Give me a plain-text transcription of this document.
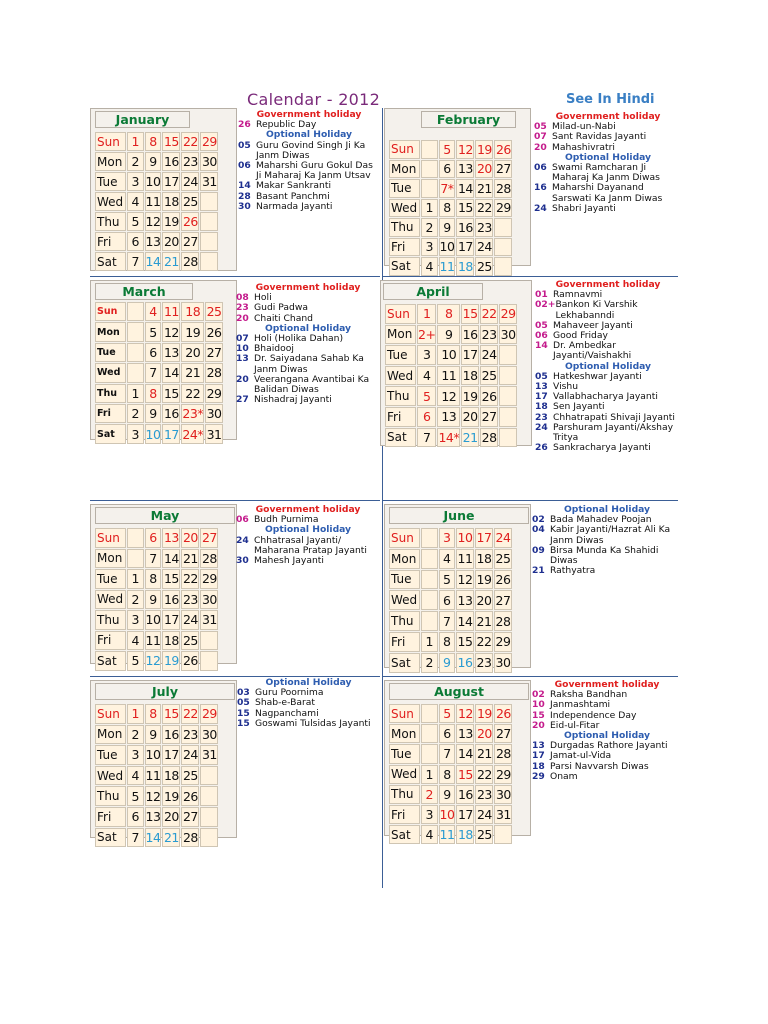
Calendar - 2012	See In Hindi
January
Sun	1	8	15	22	29
Mon	2	9	16	23	30
Tue	3	10	17	24	31
Wed	4	11	18	25	
Thu	5	12	19	26	
Fri	6	13	20	27	
Sat	7	14	21	28	
February
Sun		5	12	19	26
Mon		6	13	20	27
Tue		7*	14	21	28
Wed	1	8	15	22	29
Thu	2	9	16	23	
Fri	3	10	17	24	
Sat	4	11	18	25	
March
Sun		4	11	18	25
Mon		5	12	19	26
Tue		6	13	20	27
Wed		7	14	21	28
Thu	1	8	15	22	29
Fri	2	9	16	23*	30
Sat	3	10	17	24*	31
April
Sun	1	8	15	22	29
Mon	2+	9	16	23	30
Tue	3	10	17	24	
Wed	4	11	18	25	
Thu	5	12	19	26	
Fri	6	13	20	27	
Sat	7	14*	21	28	
May
Sun		6	13	20	27
Mon		7	14	21	28
Tue	1	8	15	22	29
Wed	2	9	16	23	30
Thu	3	10	17	24	31
Fri	4	11	18	25	
Sat	5	12	19	26	
June
Sun		3	10	17	24
Mon		4	11	18	25
Tue		5	12	19	26
Wed		6	13	20	27
Thu		7	14	21	28
Fri	1	8	15	22	29
Sat	2	9	16	23	30
July
Sun	1	8	15	22	29
Mon	2	9	16	23	30
Tue	3	10	17	24	31
Wed	4	11	18	25	
Thu	5	12	19	26	
Fri	6	13	20	27	
Sat	7	14	21	28	
August
Sun		5	12	19	26
Mon		6	13	20	27
Tue		7	14	21	28
Wed	1	8	15	22	29
Thu	2	9	16	23	30
Fri	3	10	17	24	31
Sat	4	11	18	25	
Government holiday
26 Republic Day
Optional Holiday
05 Guru Govind Singh Ji Ka Janm Diwas
06 Maharshi Guru Gokul Das Ji Maharaj Ka Janm Utsav
14 Makar Sankranti
28 Basant Panchmi
30 Narmada Jayanti
Government holiday
05 Milad-un-Nabi
07 Sant Ravidas Jayanti
20 Mahashivratri
Optional Holiday
06 Swami Ramcharan Ji Maharaj Ka Janm Diwas
16 Maharshi Dayanand Sarswati Ka Janm Diwas
24 Shabri Jayanti
Government holiday
08 Holi
23 Gudi Padwa
20 Chaiti Chand
Optional Holiday
07 Holi (Holika Dahan)
10 Bhaidooj
13 Dr. Saiyadana Sahab Ka Janm Diwas
20 Veerangana Avantibai Ka Balidan Diwas
27 Nishadraj Jayanti
Government holiday
01 Ramnavmi
02+ Bankon Ki Varshik Lekhabanndi
05 Mahaveer Jayanti
06 Good Friday
14 Dr. Ambedkar Jayanti/Vaishakhi
Optional Holiday
05 Hatkeshwar Jayanti
13 Vishu
17 Vallabhacharya Jayanti
18 Sen Jayanti
23 Chhatrapati Shivaji Jayanti
24 Parshuram Jayanti/Akshay Tritya
26 Sankracharya Jayanti
Government holiday
06 Budh Purnima
Optional Holiday
24 Chhatrasal Jayanti/ Maharana Pratap Jayanti
30 Mahesh Jayanti
Optional Holiday
02 Bada Mahadev Poojan
04 Kabir Jayanti/Hazrat Ali Ka Janm Diwas
09 Birsa Munda Ka Shahidi Diwas
21 Rathyatra
Optional Holiday
03 Guru Poornima
05 Shab-e-Barat
15 Nagpanchami
15 Goswami Tulsidas Jayanti
Government holiday
02 Raksha Bandhan
10 Janmashtami
15 Independence Day
20 Eid-ul-Fitar
Optional Holiday
13 Durgadas Rathore Jayanti
17 Jamat-ul-Vida
18 Parsi Navvarsh Diwas
29 Onam
